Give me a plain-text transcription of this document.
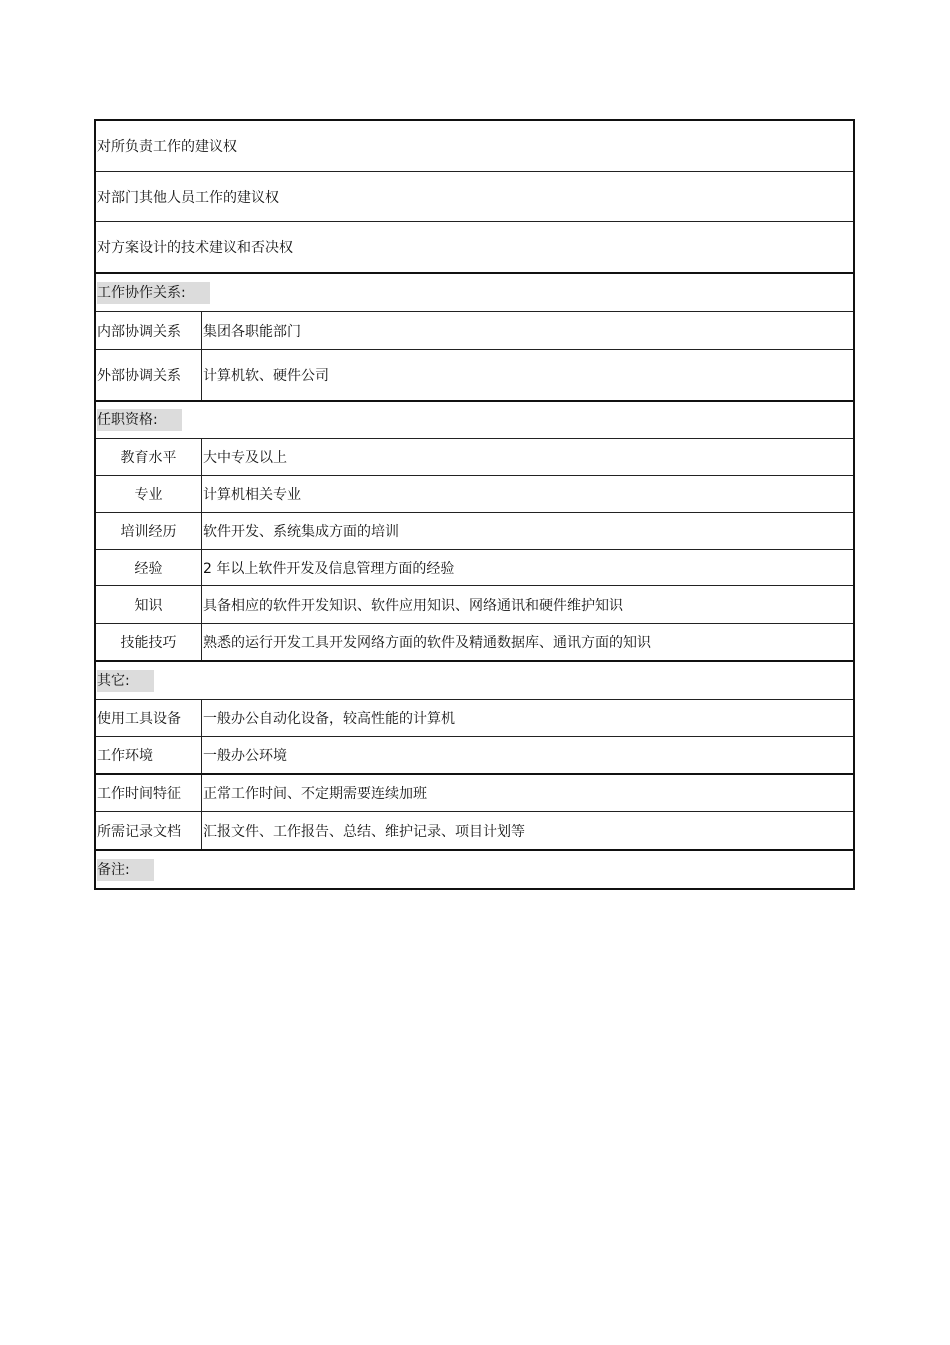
对所负责工作的建议权
对部门其他人员工作的建议权
对方案设计的技术建议和否决权
工作协作关系:
内部协调关系	集团各职能部门
外部协调关系	计算机软、硬件公司
任职资格:
教育水平	大中专及以上
专业	计算机相关专业
培训经历	软件开发、系统集成方面的培训
经验	2 年以上软件开发及信息管理方面的经验
知识	具备相应的软件开发知识、软件应用知识、网络通讯和硬件维护知识
技能技巧	熟悉的运行开发工具开发网络方面的软件及精通数据库、通讯方面的知识
其它:
使用工具设备	一般办公自动化设备，较高性能的计算机
工作环境	一般办公环境
工作时间特征	正常工作时间、不定期需要连续加班
所需记录文档	汇报文件、工作报告、总结、维护记录、项目计划等
备注:
